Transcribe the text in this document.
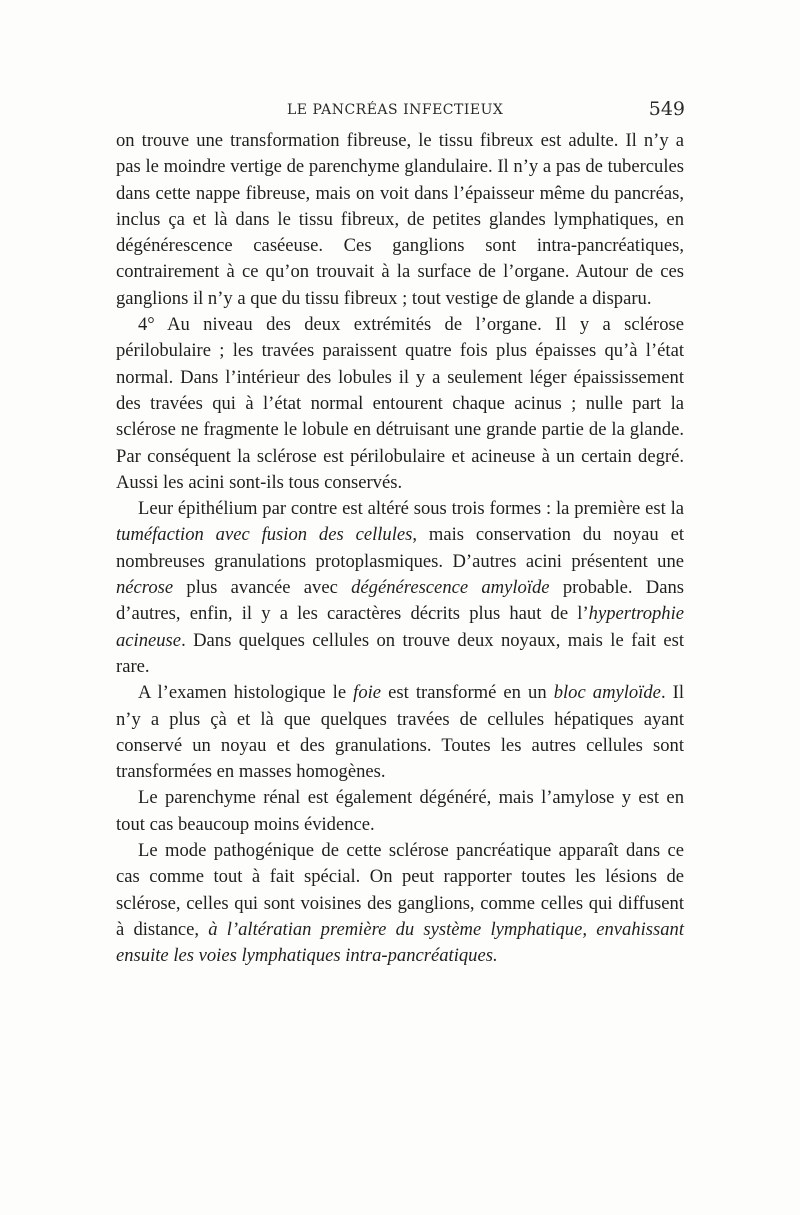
LE PANCRÉAS INFECTIEUX	549

on trouve une transformation fibreuse, le tissu fibreux est adulte. Il n’y a pas le moindre vertige de parenchyme glandulaire. Il n’y a pas de tubercules dans cette nappe fibreuse, mais on voit dans l’épaisseur même du pancréas, inclus ça et là dans le tissu fibreux, de petites glandes lymphatiques, en dégénérescence caséeuse. Ces ganglions sont intra-pancréatiques, contrairement à ce qu’on trouvait à la surface de l’organe. Autour de ces ganglions il n’y a que du tissu fibreux ; tout vestige de glande a disparu.

4° Au niveau des deux extrémités de l’organe. Il y a sclérose périlobulaire ; les travées paraissent quatre fois plus épaisses qu’à l’état normal. Dans l’intérieur des lobules il y a seulement léger épaississement des travées qui à l’état normal entourent chaque acinus ; nulle part la sclérose ne fragmente le lobule en détruisant une grande partie de la glande. Par conséquent la sclérose est périlobulaire et acineuse à un certain degré. Aussi les acini sont-ils tous conservés.

Leur épithélium par contre est altéré sous trois formes : la première est la tuméfaction avec fusion des cellules, mais conservation du noyau et nombreuses granulations protoplasmiques. D’autres acini présentent une nécrose plus avancée avec dégénérescence amyloïde probable. Dans d’autres, enfin, il y a les caractères décrits plus haut de l’hypertrophie acineuse. Dans quelques cellules on trouve deux noyaux, mais le fait est rare.

A l’examen histologique le foie est transformé en un bloc amyloïde. Il n’y a plus çà et là que quelques travées de cellules hépatiques ayant conservé un noyau et des granulations. Toutes les autres cellules sont transformées en masses homogènes.

Le parenchyme rénal est également dégénéré, mais l’amylose y est en tout cas beaucoup moins évidence.

Le mode pathogénique de cette sclérose pancréatique apparaît dans ce cas comme tout à fait spécial. On peut rapporter toutes les lésions de sclérose, celles qui sont voisines des ganglions, comme celles qui diffusent à distance, à l’altératian première du système lymphatique, envahissant ensuite les voies lymphatiques intra-pancréatiques.
